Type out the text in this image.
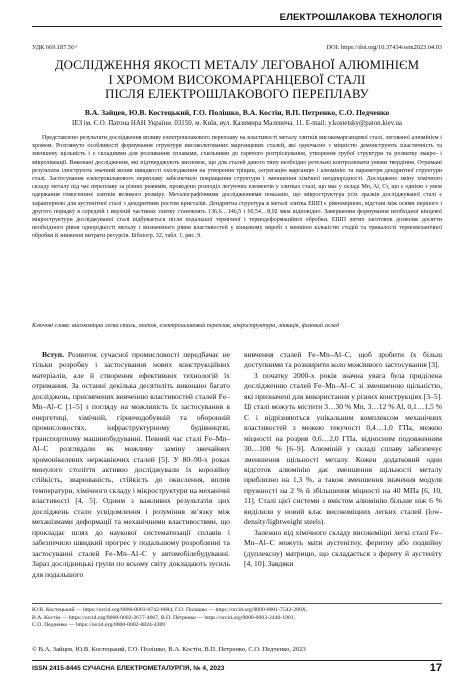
ЕЛЕКТРОШЛАКОВА ТЕХНОЛОГІЯ
УДК 669.187.56+	DOI: https://doi.org/10.37434/sem2023.04.03
ДОСЛІДЖЕННЯ ЯКОСТІ МЕТАЛУ ЛЕГОВАНОЇ АЛЮМІНІЄМ
І ХРОМОМ ВИСОКОМАРГАНЦЕВОЇ СТАЛІ
ПІСЛЯ ЕЛЕКТРОШЛАКОВОГО ПЕРЕПЛАВУ
В.А. Зайцев, Ю.В. Костецький, Г.О. Полішко, В.А. Костін, В.П. Петренко, С.О. Педченко
ІЕЗ ім. Є.О. Патона НАН України. 03150, м. Київ, вул. Казимира Малевича, 11. E-mail: y.kostetsky@paton.kiev.ua

Представлено результати дослідження впливу електрошлакового переплаву на властивості металу злитків високомарганцевої сталі, легованої алюмінієм і хромом. Розглянуто особливості формування структури високолегованих марганцевих сталей, які одночасно з міцністю демонструють пластичність та зменшену щільність і є складними для розливання сплавами, схильними до гарячого розтріскування, утворення грубої структури та розвитку макро- і мікроліквації. Виконані дослідження, які підтверджують висновок, що для сталей даного типу необхідно ретельно контролювати умови твердіння. Отримані результати ілюструють значний вплив швидкості охолодження на утворення тріщин, сегрегацію марганцю і алюмінію та параметри дендритної структури сталі. Застосування електрошлакового переплаву забезпечило покращення структури і зменшення хімічної неоднорідності. Досліджено зміну хімічного складу металу під час переплаву за різних режимів, проведено розподіл легуючих елементів у злитках сталі, що має у складі Mn, Al, Cr, що є однією з умов одержання гомогенних злитків великого розміру. Металографічними дослідженнями показано, що мікроструктура усіх зразків досліджуваної сталі є характерною для аустенітної сталі з дендритним ростом кристалів. Дендритна структура в металі злитка ЕШП є рівномірною, відстані між осями першого і другого порядку в середній і верхній частинах злитку становлять 136,6…146,5 і 60,54…8,92 мкм відповідно. Завершення формування необхідної кінцевої мікроструктури досліджуваної сталі відбувається після подальшої термічної і термодеформаційної обробки. ЕШП литих заготовок дозволяє досягти необхідного рівня однорідності металу і визначеного рівня властивостей у кінцевому виробі з меншою кількістю стадій та тривалості термомеханічної обробки й зниженні витрати ресурсів. Бібліогр. 32, табл. 1, рис. 9.

Ключові слова: високоміцна легка сталь, злиток, електрошлаковий переплав, мікроструктура, ліквація, фазовий склад

Вступ. Розвиток сучасної промисловості передбачає не тільки розробку і застосування нових конструкційних матеріалів, але й створення ефективних технологій їх отримання. За останні декілька десятиліть виконано багато досліджень, присвячених вивченню властивостей сталей Fe–Mn–Al–C [1–5] з погляду на можливість їх застосування в енергетиці, хімічній, гірничодобувній та оборонній промисловостях, інфраструктурному будівництві, транспортному машинобудуванні. Певний час сталі Fe–Mn–Al–C розглядали як можливу заміну звичайних хромонікелевих нержавіючих сталей [5]. У 80–90-х роках минулого століття активно досліджували їх корозійну стійкість, зварюваність, стійкість до окислення, вплив температури, хімічного складу і мікроструктури на механічні властивості [4, 5]. Одним з важливих результатів цих досліджень стало усвідомлення і розуміння зв’язку між механізмами деформації та механічними властивостями, що прокладає шлях до наукової систематизації сплавів і забезпечило швидкий прогрес у подальшому розробленні та застосуванні сталей Fe–Mn–Al–C у автомобілебудуванні. Зараз дослідницькі групи по всьому світу докладають зусиль для подальшого

вивчення сталей Fe–Mn–Al–C, щоб зробити їх більш доступними та розширити коло можливого застосування [3].

З початку 2000-х років значна увага була приділена дослідженню сталей Fe–Mn–Al–C зі зменшеною щільністю, які призначені для використання у різних конструкціях [3–5]. Ці сталі можуть містити 3…30 % Mn, 3…12 % Al, 0,1…1,5 % C і відрізняються унікальним комплексом механічних властивостей з межею текучості 0,4…1,0 ГПа, межею міцності на розрив 0,6…2,0 ГПа, відносним подовженням 30…100 % [6–9]. Алюміній у складі сплаву забезпечує зменшення щільності металу. Кожен додатковий один відсоток алюмінію дає зменшення щільності металу приблизно на 1,3 %, а також зменшення значення модуля пружності на 2 % й збільшення міцності на 40 МПа [6, 10, 11]. Сталі цієї системи з вмістом алюмінію більше ніж 6 % виділили у новий клас високоміцних легких сталей (low-density/lightweight steels).

Залежно від хімічного складу високоміцні легкі сталі Fe–Mn–Al–C можуть мати аустенітну, феритну або подвійну (дуплексну) матрицю, що складається з фериту й аустеніту [4, 10]. Завдяки

Ю.В. Костецький — https://orcid.org/0000-0003-0742-6684, Г.О. Полішко — https://orcid.org/0000-0001-7543-280X,
В.А. Костін — https://orcid.org/0000-0002-2677-4667, В.П. Петренко — https://orcid.org/0000-0003-2440-1901,
С.О. Педченко — https://orcid.org/0000-0002-8824-4389
© В.А. Зайцев, Ю.В. Костецький, Г.О. Полішко, В.А. Костін, В.П. Петренко, С.О. Педченко, 2023
ISSN 2415-8445 СУЧАСНА ЕЛЕКТРОМЕТАЛУРГІЯ, № 4, 2023	17
